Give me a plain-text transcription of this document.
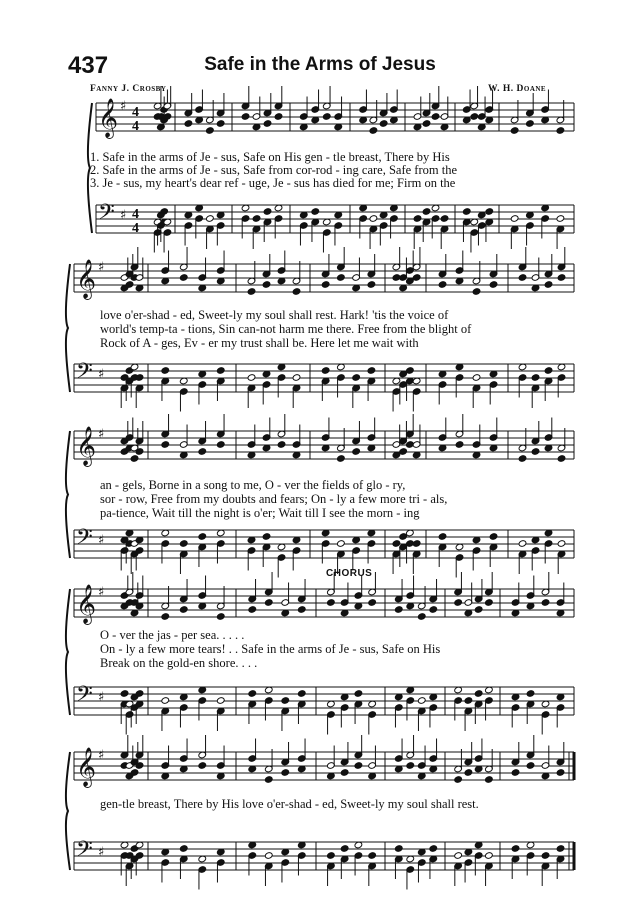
437	Safe in the Arms of Jesus
Fanny J. Crosby	W. H. Doane
𝄞 ♯ 4
4
𝄢 ♯ 4
4
𝄞 ♯
𝄢 ♯
𝄞 ♯
𝄢 ♯
𝄞 ♯
𝄢 ♯
𝄞 ♯
𝄢 ♯
1. Safe in the arms of Je - sus, Safe on His gen - tle breast, There by His
2. Safe in the arms of Je - sus, Safe from cor-rod - ing care, Safe from the
3. Je - sus, my heart's dear ref - uge, Je - sus has died for me; Firm on the
love o'er-shad - ed, Sweet-ly my soul shall rest. Hark! 'tis the voice of
world's temp-ta - tions, Sin can-not harm me there. Free from the blight of
Rock of A - ges, Ev - er my trust shall be. Here let me wait with
an - gels, Borne in a song to me, O - ver the fields of glo - ry,
sor - row, Free from my doubts and fears; On - ly a few more tri - als,
pa-tience, Wait till the night is o'er; Wait till I see the morn - ing
CHORUS
O - ver the jas - per sea. . . . .
On - ly a few more tears! . . Safe in the arms of Je - sus, Safe on His
Break on the gold-en shore. . . .
gen-tle breast, There by His love o'er-shad - ed, Sweet-ly my soul shall rest.
